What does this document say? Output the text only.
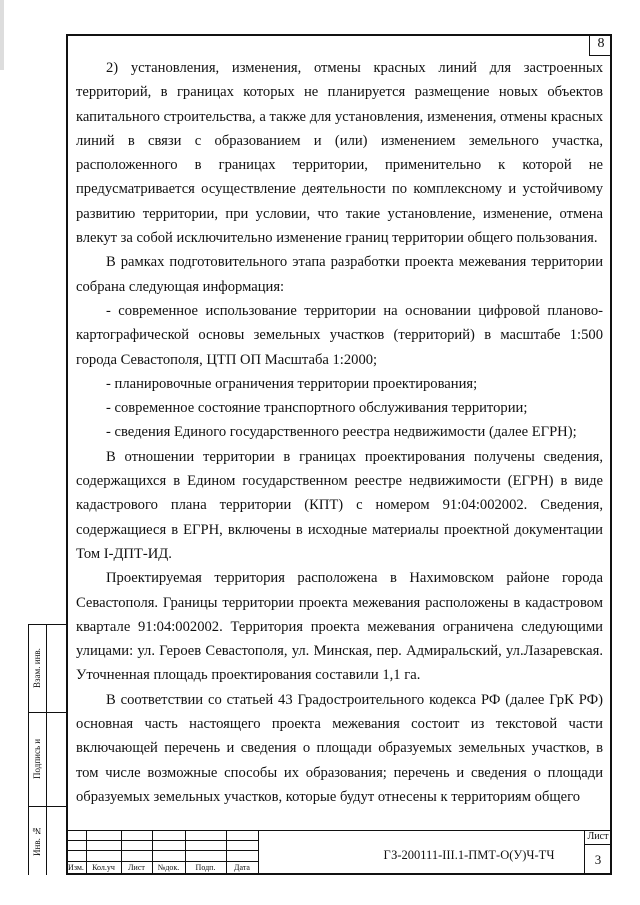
8

2) установления, изменения, отмены красных линий для застроенных территорий, в границах которых не планируется размещение новых объектов капитального строительства, а также для установления, изменения, отмены красных линий в связи с образованием и (или) изменением земельного участка, расположенного в границах территории, применительно к которой не предусматривается осуществление деятельности по комплексному и устойчивому развитию территории, при условии, что такие установление, изменение, отмена влекут за собой исключительно изменение границ территории общего пользования.

В рамках подготовительного этапа разработки проекта межевания территории собрана следующая информация:

- современное использование территории на основании цифровой планово-картографической основы земельных участков (территорий) в масштабе 1:500 города Севастополя, ЦТП ОП Масштаба 1:2000;

- планировочные ограничения территории проектирования;

- современное состояние транспортного обслуживания территории;

- сведения Единого государственного реестра недвижимости (далее ЕГРН);

В отношении территории в границах проектирования получены сведения, содержащихся в Едином государственном реестре недвижимости (ЕГРН) в виде кадастрового плана территории (КПТ) с номером 91:04:002002. Сведения, содержащиеся в ЕГРН, включены в исходные материалы проектной документации Том I-ДПТ-ИД.

Проектируемая территория расположена в Нахимовском районе города Севастополя. Границы территории проекта межевания расположены в кадастровом квартале 91:04:002002. Территория проекта межевания ограничена следующими улицами: ул. Героев Севастополя, ул. Минская, пер. Адмиральский, ул.Лазаревская. Уточненная площадь проектирования составили 1,1 га.

В соответствии со статьей 43 Градостроительного кодекса РФ (далее ГрК РФ) основная часть настоящего проекта межевания состоит из текстовой части включающей перечень и сведения о площади образуемых земельных участков, в том числе возможные способы их образования; перечень и сведения о площади образуемых земельных участков, которые будут отнесены к территориям общего

Взам. инв.
Подпись и
Инв. №
Изм.	Кол.уч	Лист	№док.	Подп.	Дата
ГЗ-200111-III.1-ПМТ-О(У)Ч-ТЧ
Лист
3
